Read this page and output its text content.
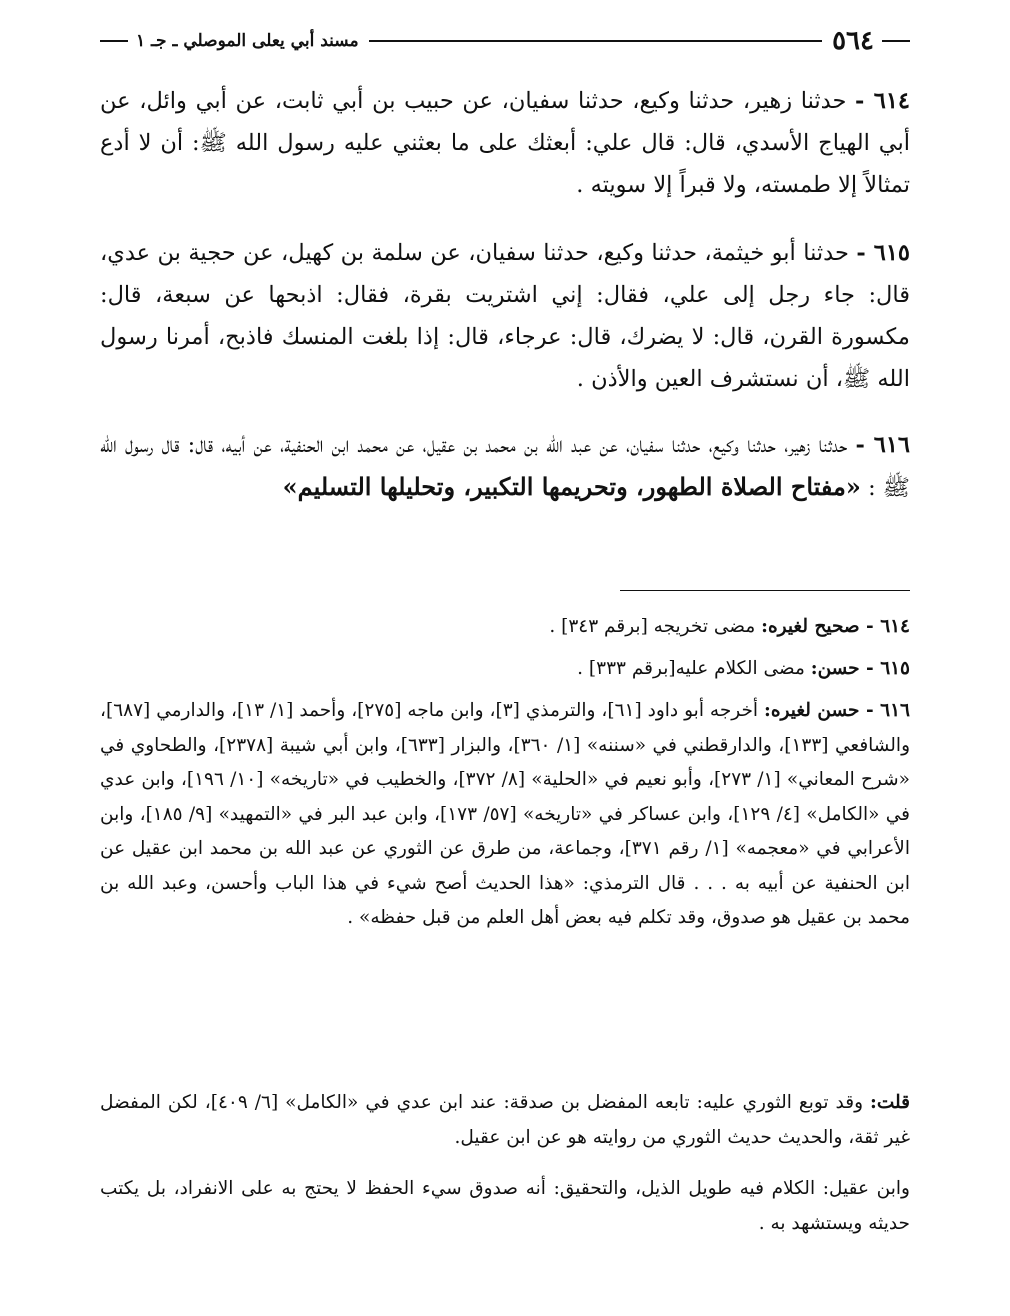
٥٦٤
مسند أبي يعلى الموصلي ـ جـ ١
٦١٤ - حدثنا زهير، حدثنا وكيع، حدثنا سفيان، عن حبيب بن أبي ثابت، عن أبي وائل، عن أبي الهياج الأسدي، قال: قال علي: أبعثك على ما بعثني عليه رسول الله ﷺ: أن لا أدع تمثالاً إلا طمسته، ولا قبراً إلا سويته .
٦١٥ - حدثنا أبو خيثمة، حدثنا وكيع، حدثنا سفيان، عن سلمة بن كهيل، عن حجية بن عدي، قال: جاء رجل إلى علي، فقال: إني اشتريت بقرة، فقال: اذبحها عن سبعة، قال: مكسورة القرن، قال: لا يضرك، قال: عرجاء، قال: إذا بلغت المنسك فاذبح، أمرنا رسول الله ﷺ، أن نستشرف العين والأذن .
٦١٦ - حدثنا زهير، حدثنا وكيع، حدثنا سفيان، عن عبد الله بن محمد بن عقيل، عن محمد ابن الحنفية، عن أبيه، قال: قال رسول الله ﷺ : «مفتاح الصلاة الطهور، وتحريمها التكبير، وتحليلها التسليم»
٦١٤ - صحيح لغيره: مضى تخريجه [برقم ٣٤٣] .
٦١٥ - حسن: مضى الكلام عليه[برقم ٣٣٣] .
٦١٦ - حسن لغيره: أخرجه أبو داود [٦١]، والترمذي [٣]، وابن ماجه [٢٧٥]، وأحمد [١/ ١٣]، والدارمي [٦٨٧]، والشافعي [١٣٣]، والدارقطني في «سننه» [١/ ٣٦٠]، والبزار [٦٣٣]، وابن أبي شيبة [٢٣٧٨]، والطحاوي في «شرح المعاني» [١/ ٢٧٣]، وأبو نعيم في «الحلية» [٨/ ٣٧٢]، والخطيب في «تاريخه» [١٠/ ١٩٦]، وابن عدي في «الكامل» [٤/ ١٢٩]، وابن عساكر في «تاريخه» [٥٧/ ١٧٣]، وابن عبد البر في «التمهيد» [٩/ ١٨٥]، وابن الأعرابي في «معجمه» [١/ رقم ٣٧١]، وجماعة، من طرق عن الثوري عن عبد الله بن محمد ابن عقيل عن ابن الحنفية عن أبيه به . . . قال الترمذي: «هذا الحديث أصح شيء في هذا الباب وأحسن، وعبد الله بن محمد بن عقيل هو صدوق، وقد تكلم فيه بعض أهل العلم من قبل حفظه» .
قلت: وقد توبع الثوري عليه: تابعه المفضل بن صدقة: عند ابن عدي في «الكامل» [٦/ ٤٠٩]، لكن المفضل غير ثقة، والحديث حديث الثوري من روايته هو عن ابن عقيل.
وابن عقيل: الكلام فيه طويل الذيل، والتحقيق: أنه صدوق سيء الحفظ لا يحتج به على الانفراد، بل يكتب حديثه ويستشهد به .
